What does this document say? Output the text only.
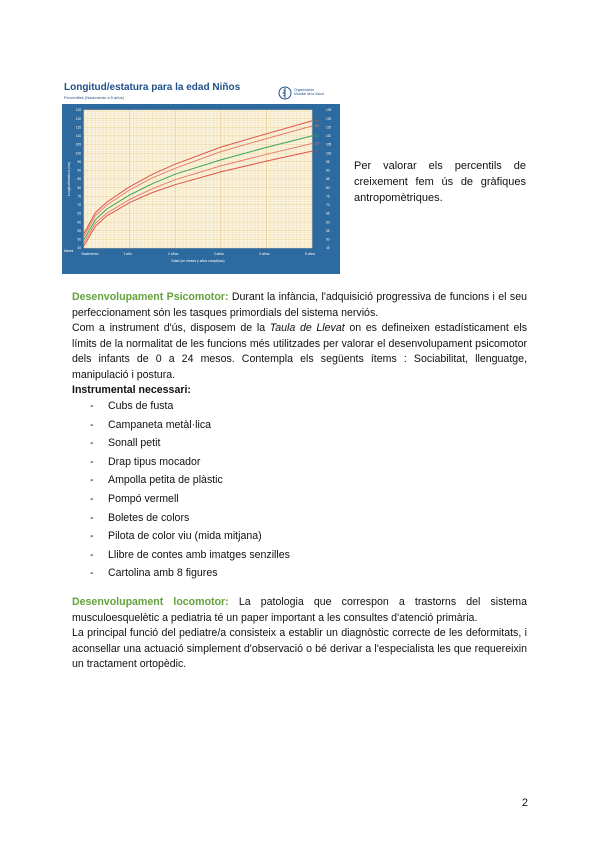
Longitud/estatura para la edad Niños
Percentiles (Nacimiento a 5 años)
Organización
Mundial de la Salud
45	45
50	50
55	55
60	60
65	65
70	70
75	75
80	80
85	85
90	90
95	95
100	100
105	105
110	110
115	115
120	120
125	125
97
85
50
15
3
Nacimiento	1 año	2 años	3 años	4 años	5 años
Meses
Edad (en meses y años cumplidos)
Longitud/estatura (cm)	Per valorar els percentils de creixement fem ús de gràfiques antropomètriques.

Desenvolupament Psicomotor: Durant la infància, l'adquisició progressiva de funcions i el seu perfeccionament són les tasques primordials del sistema nerviós.

Com a instrument d'ús, disposem de la Taula de Llevat on es defineixen estadísticament els límits de la normalitat de les funcions més utilitzades per valorar el desenvolupament psicomotor dels infants de 0 a 24 mesos. Contempla els següents ítems : Sociabilitat, llenguatge, manipulació i postura.

Instrumental necessari:

- Cubs de fusta
- Campaneta metàl·lica
- Sonall petit
- Drap tipus mocador
- Ampolla petita de plàstic
- Pompó vermell
- Boletes de colors
- Pilota de color viu (mida mitjana)
- Llibre de contes amb imatges senzilles
- Cartolina amb 8 figures

Desenvolupament locomotor: La patologia que correspon a trastorns del sistema musculoesquelètic a pediatria té un paper important a les consultes d'atenció primària.

La principal funció del pediatre/a consisteix a establir un diagnòstic correcte de les deformitats, i aconsellar una actuació simplement d'observació o bé derivar a l'especialista les que requereixin un tractament ortopèdic.

2
